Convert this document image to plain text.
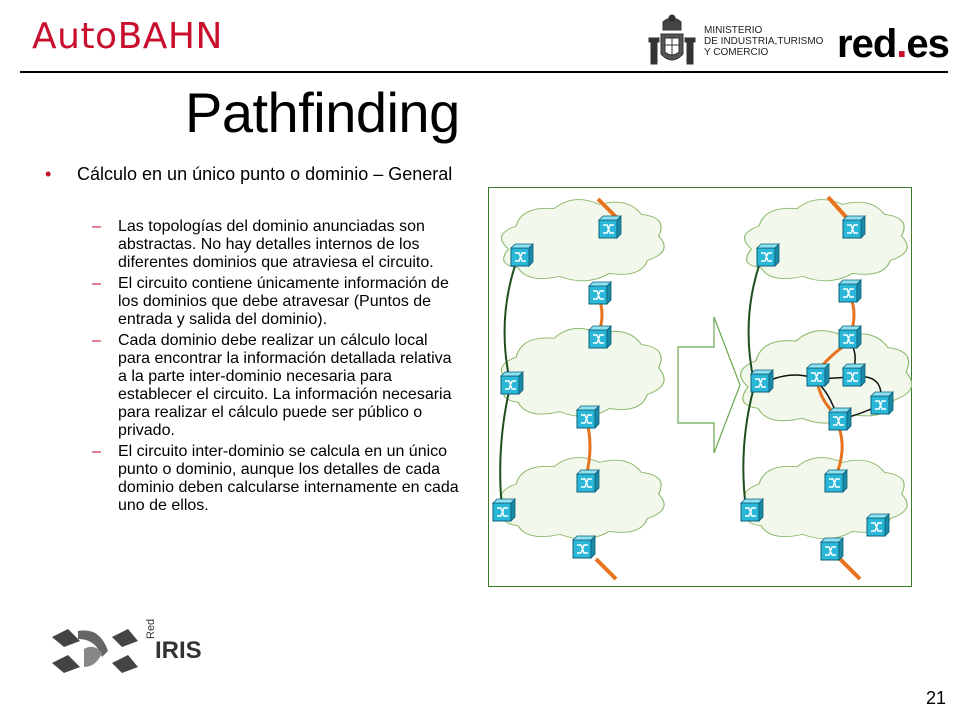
AutoBAHN	MINISTERIO
DE INDUSTRIA,TURISMO
Y COMERCIO	red.es
Pathfinding
• Cálculo en un único punto o dominio – General
– Las topologías del dominio anunciadas son abstractas. No hay detalles internos de los diferentes dominios que atraviesa el circuito.
– El circuito contiene únicamente información de los dominios que debe atravesar (Puntos de entrada y salida del dominio).
– Cada dominio debe realizar un cálculo local para encontrar la información detallada relativa a la parte inter-dominio necesaria para establecer el circuito. La información necesaria para realizar el cálculo puede ser público o privado.
– El circuito inter-dominio se calcula en un único punto o dominio, aunque los detalles de cada dominio deben calcularse internamente en cada uno de ellos.
Red
IRIS
21
